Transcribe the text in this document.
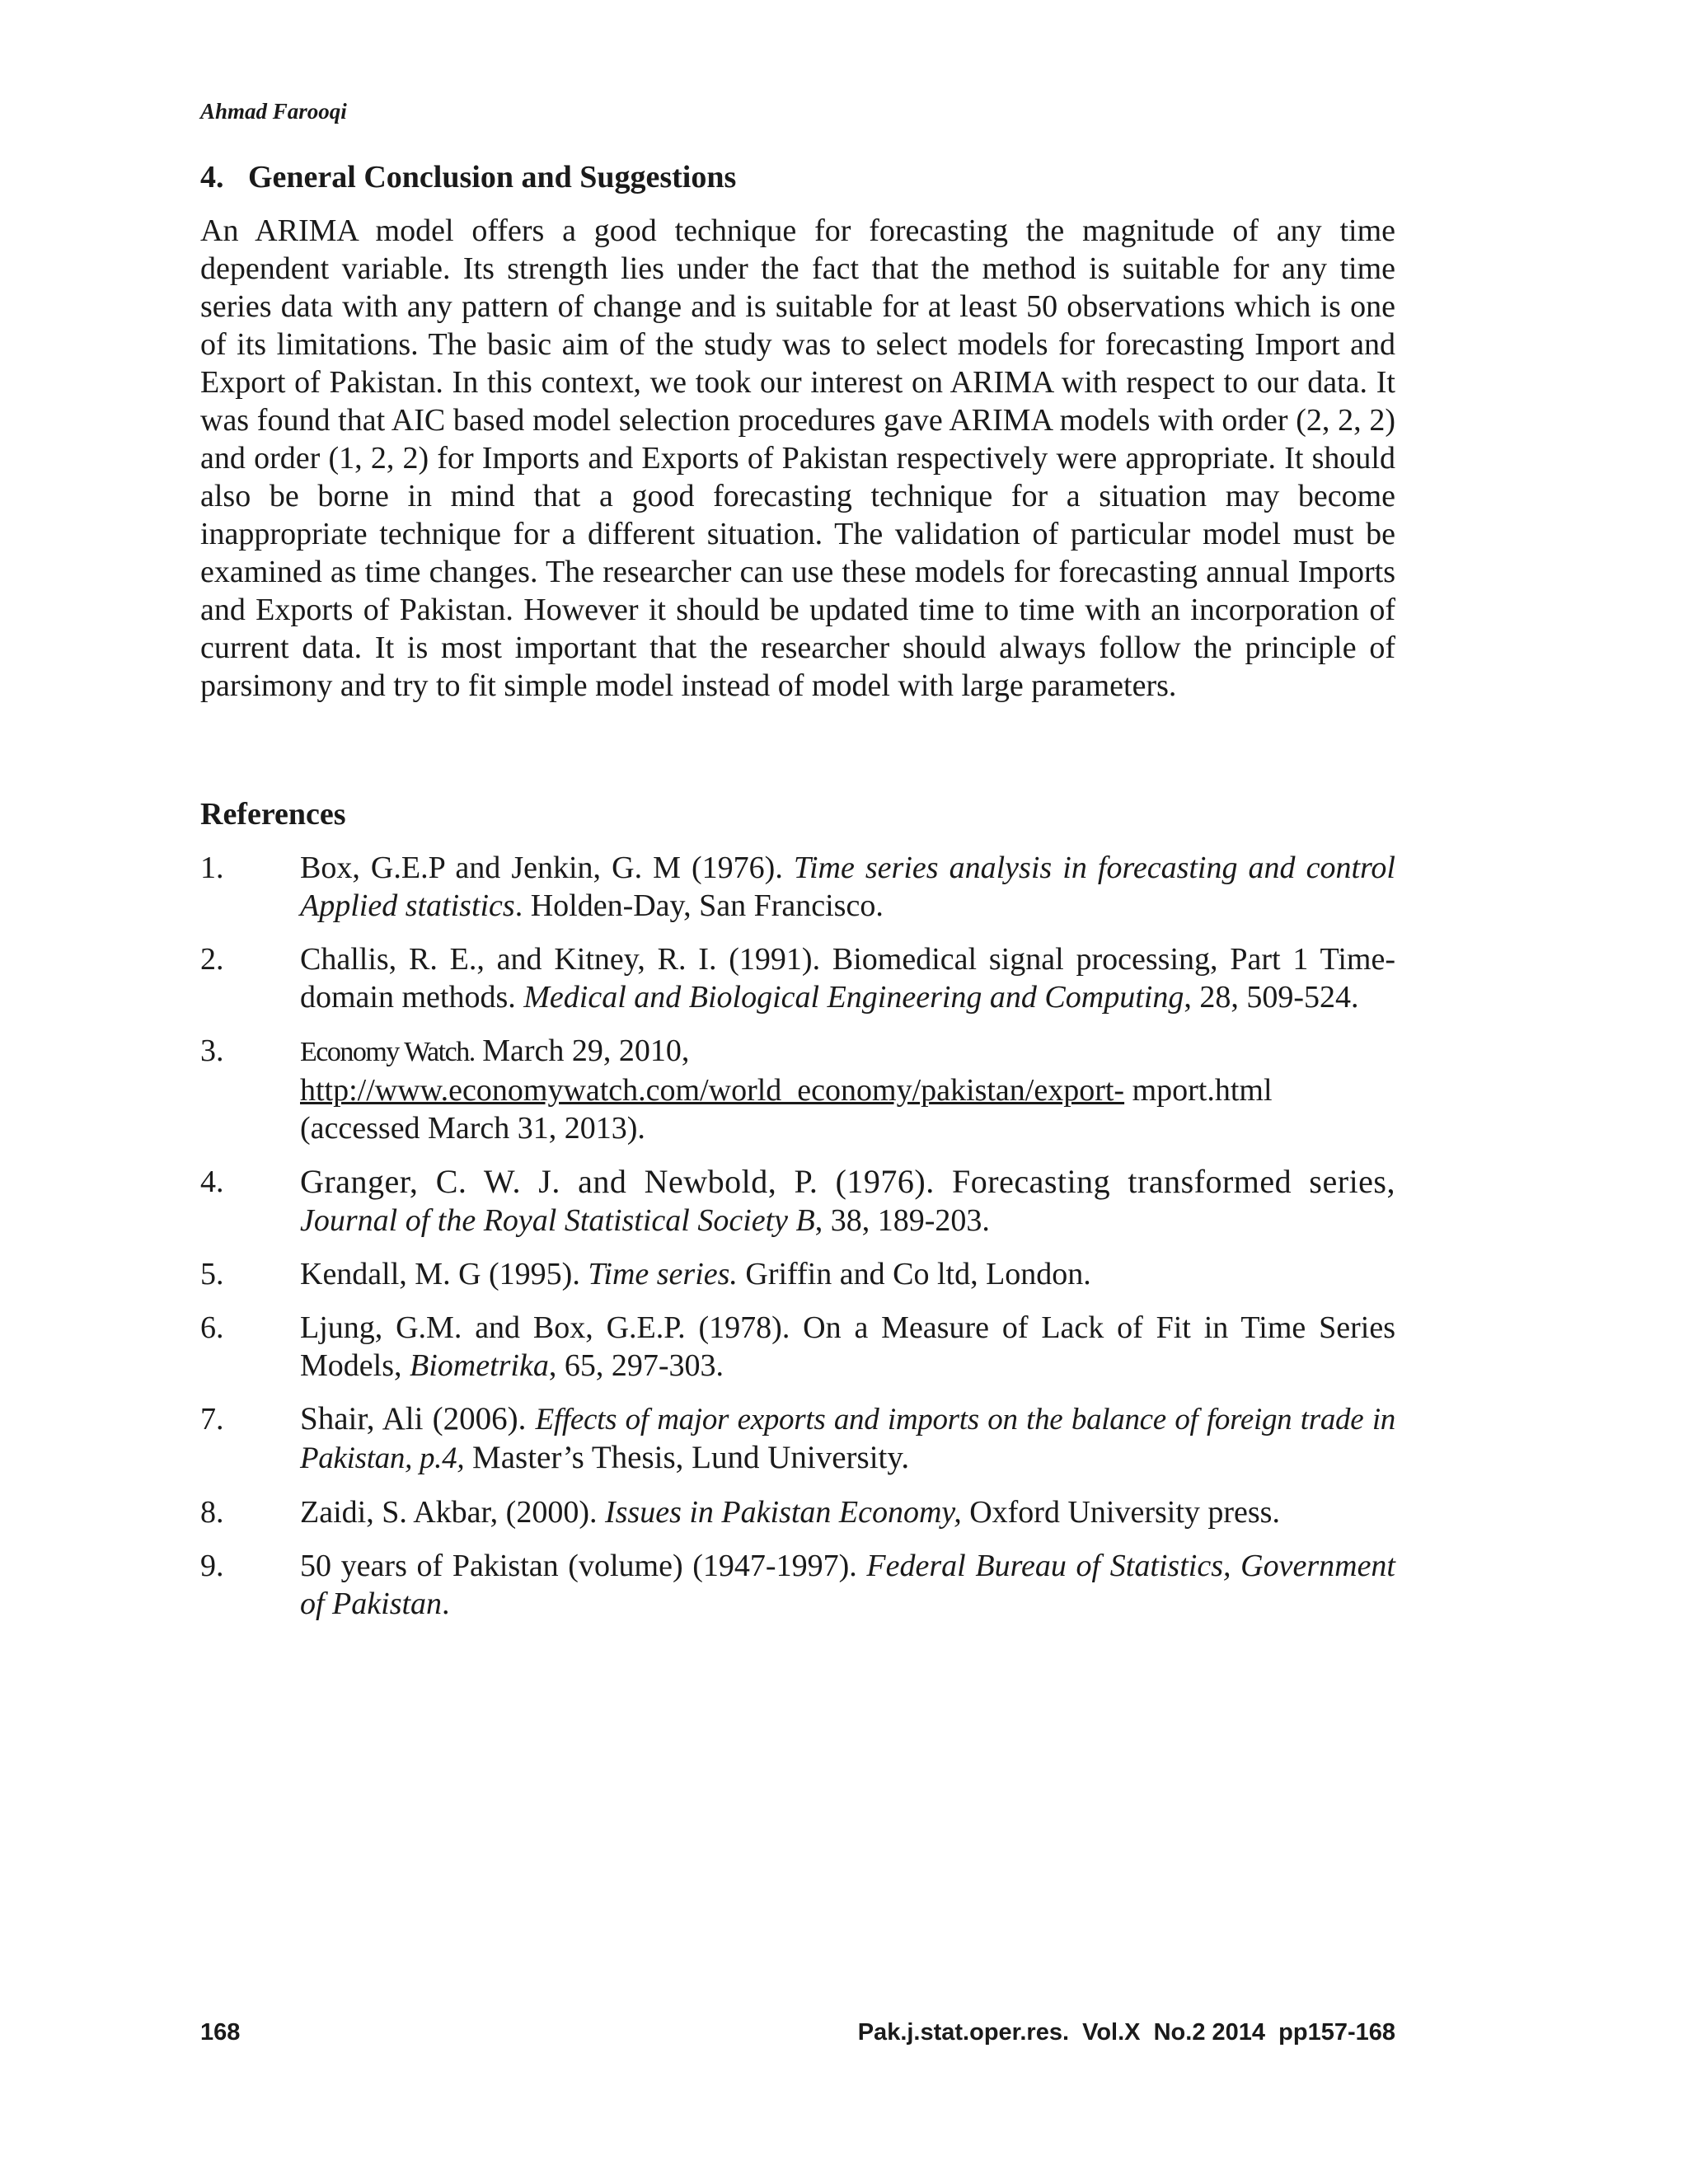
Ahmad Farooqi
4. General Conclusion and Suggestions

An ARIMA model offers a good technique for forecasting the magnitude of any time dependent variable. Its strength lies under the fact that the method is suitable for any time series data with any pattern of change and is suitable for at least 50 observations which is one of its limitations. The basic aim of the study was to select models for forecasting Import and Export of Pakistan. In this context, we took our interest on ARIMA with respect to our data. It was found that AIC based model selection procedures gave ARIMA models with order (2, 2, 2) and order (1, 2, 2) for Imports and Exports of Pakistan respectively were appropriate. It should also be borne in mind that a good forecasting technique for a situation may become inappropriate technique for a different situation. The validation of particular model must be examined as time changes. The researcher can use these models for forecasting annual Imports and Exports of Pakistan. However it should be updated time to time with an incorporation of current data. It is most important that the researcher should always follow the principle of parsimony and try to fit simple model instead of model with large parameters.

References
1. Box, G.E.P and Jenkin, G. M (1976). Time series analysis in forecasting and control Applied statistics. Holden-Day, San Francisco.
2. Challis, R. E., and Kitney, R. I. (1991). Biomedical signal processing, Part 1 Time-domain methods. Medical and Biological Engineering and Computing, 28, 509-524.
3.	Economy Watch. March 29, 2010,
http://www.economywatch.com/world_economy/pakistan/export- mport.html (accessed March 31, 2013).
4. Granger, C. W. J. and Newbold, P. (1976). Forecasting transformed series, Journal of the Royal Statistical Society B, 38, 189-203.
5. Kendall, M. G (1995). Time series. Griffin and Co ltd, London.
6. Ljung, G.M. and Box, G.E.P. (1978). On a Measure of Lack of Fit in Time Series Models, Biometrika, 65, 297-303.
7. Shair, Ali (2006). Effects of major exports and imports on the balance of foreign trade in Pakistan, p.4, Master’s Thesis, Lund University.
8. Zaidi, S. Akbar, (2000). Issues in Pakistan Economy, Oxford University press.
9. 50 years of Pakistan (volume) (1947-1997). Federal Bureau of Statistics, Government of Pakistan.
168	Pak.j.stat.oper.res.  Vol.X  No.2 2014  pp157-168
